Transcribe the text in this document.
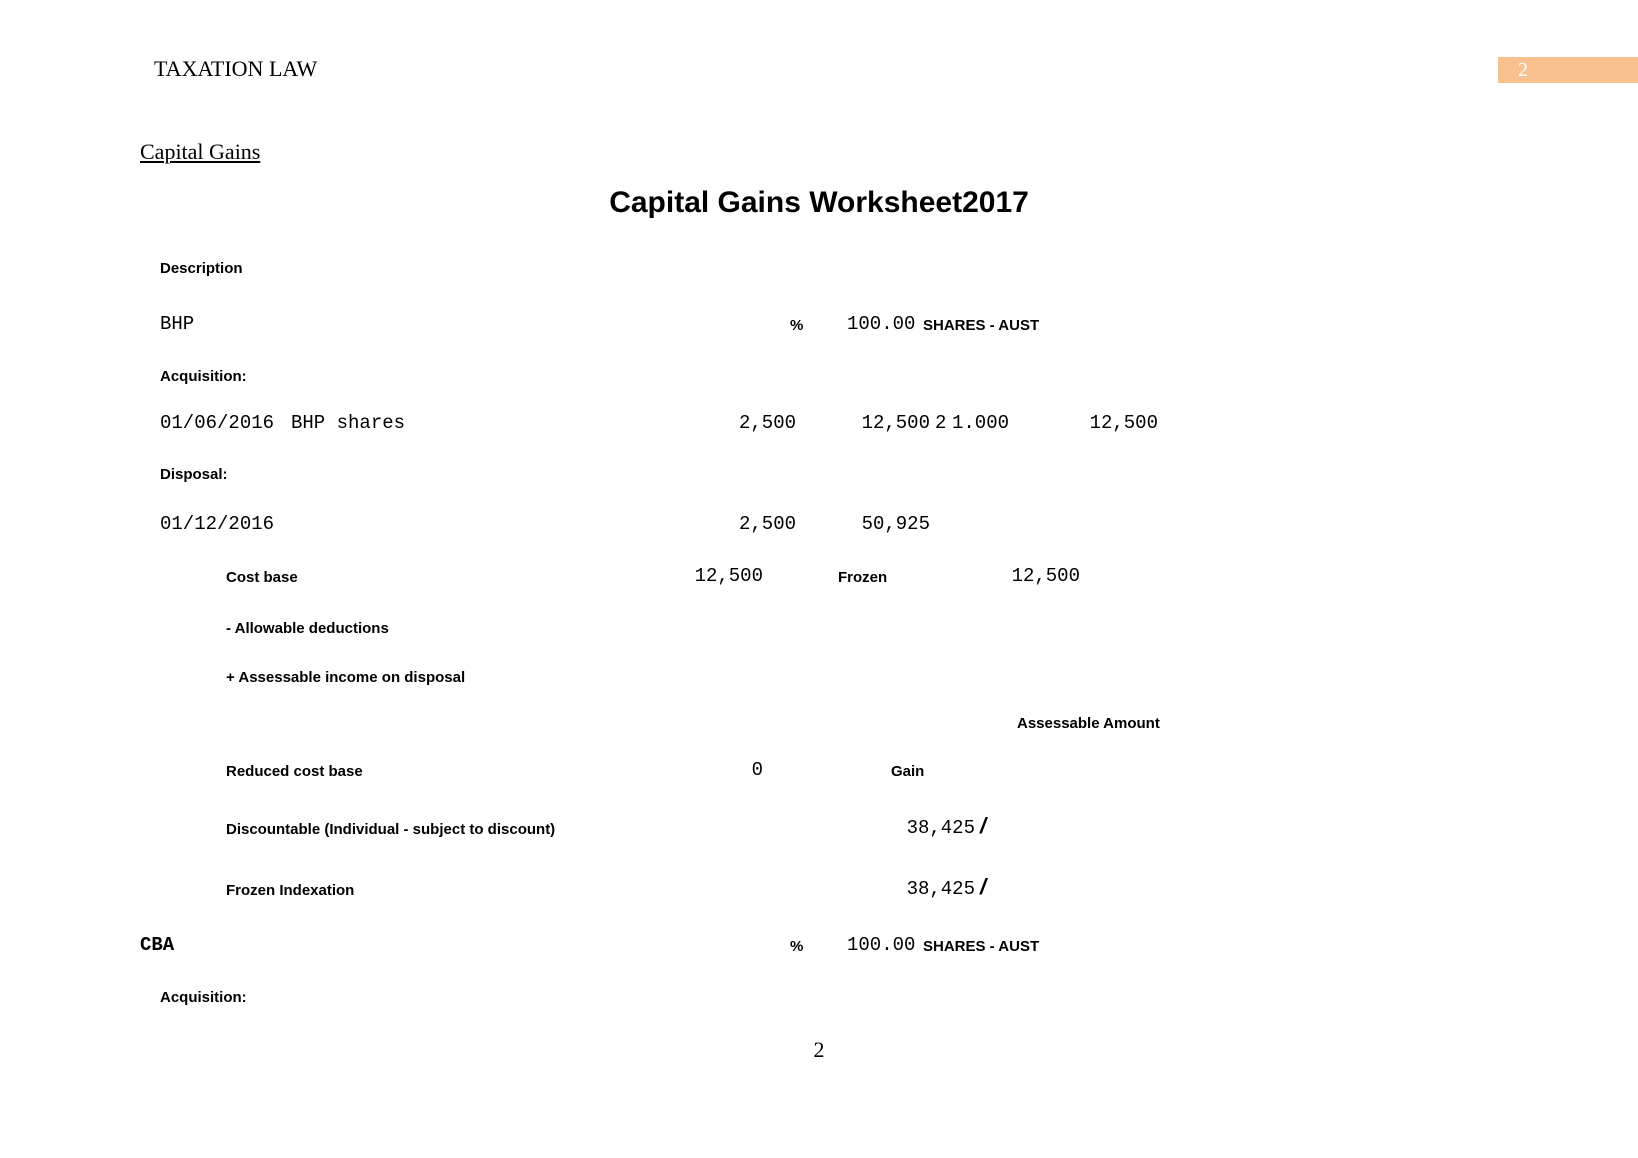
TAXATION LAW	2
Capital Gains
Capital Gains Worksheet2017
Description
BHP	% 100.00 SHARES - AUST
Acquisition:
01/06/2016 BHP shares	2,500	12,500 2 1.000	12,500
Disposal:
01/12/2016	2,500	50,925
Cost base	12,500	Frozen	12,500
- Allowable deductions
+ Assessable income on disposal
Assessable Amount
Reduced cost base	0	Gain
Discountable (Individual - subject to discount)	38,425 /
Frozen Indexation	38,425 /
CBA	% 100.00 SHARES - AUST
Acquisition:
2
